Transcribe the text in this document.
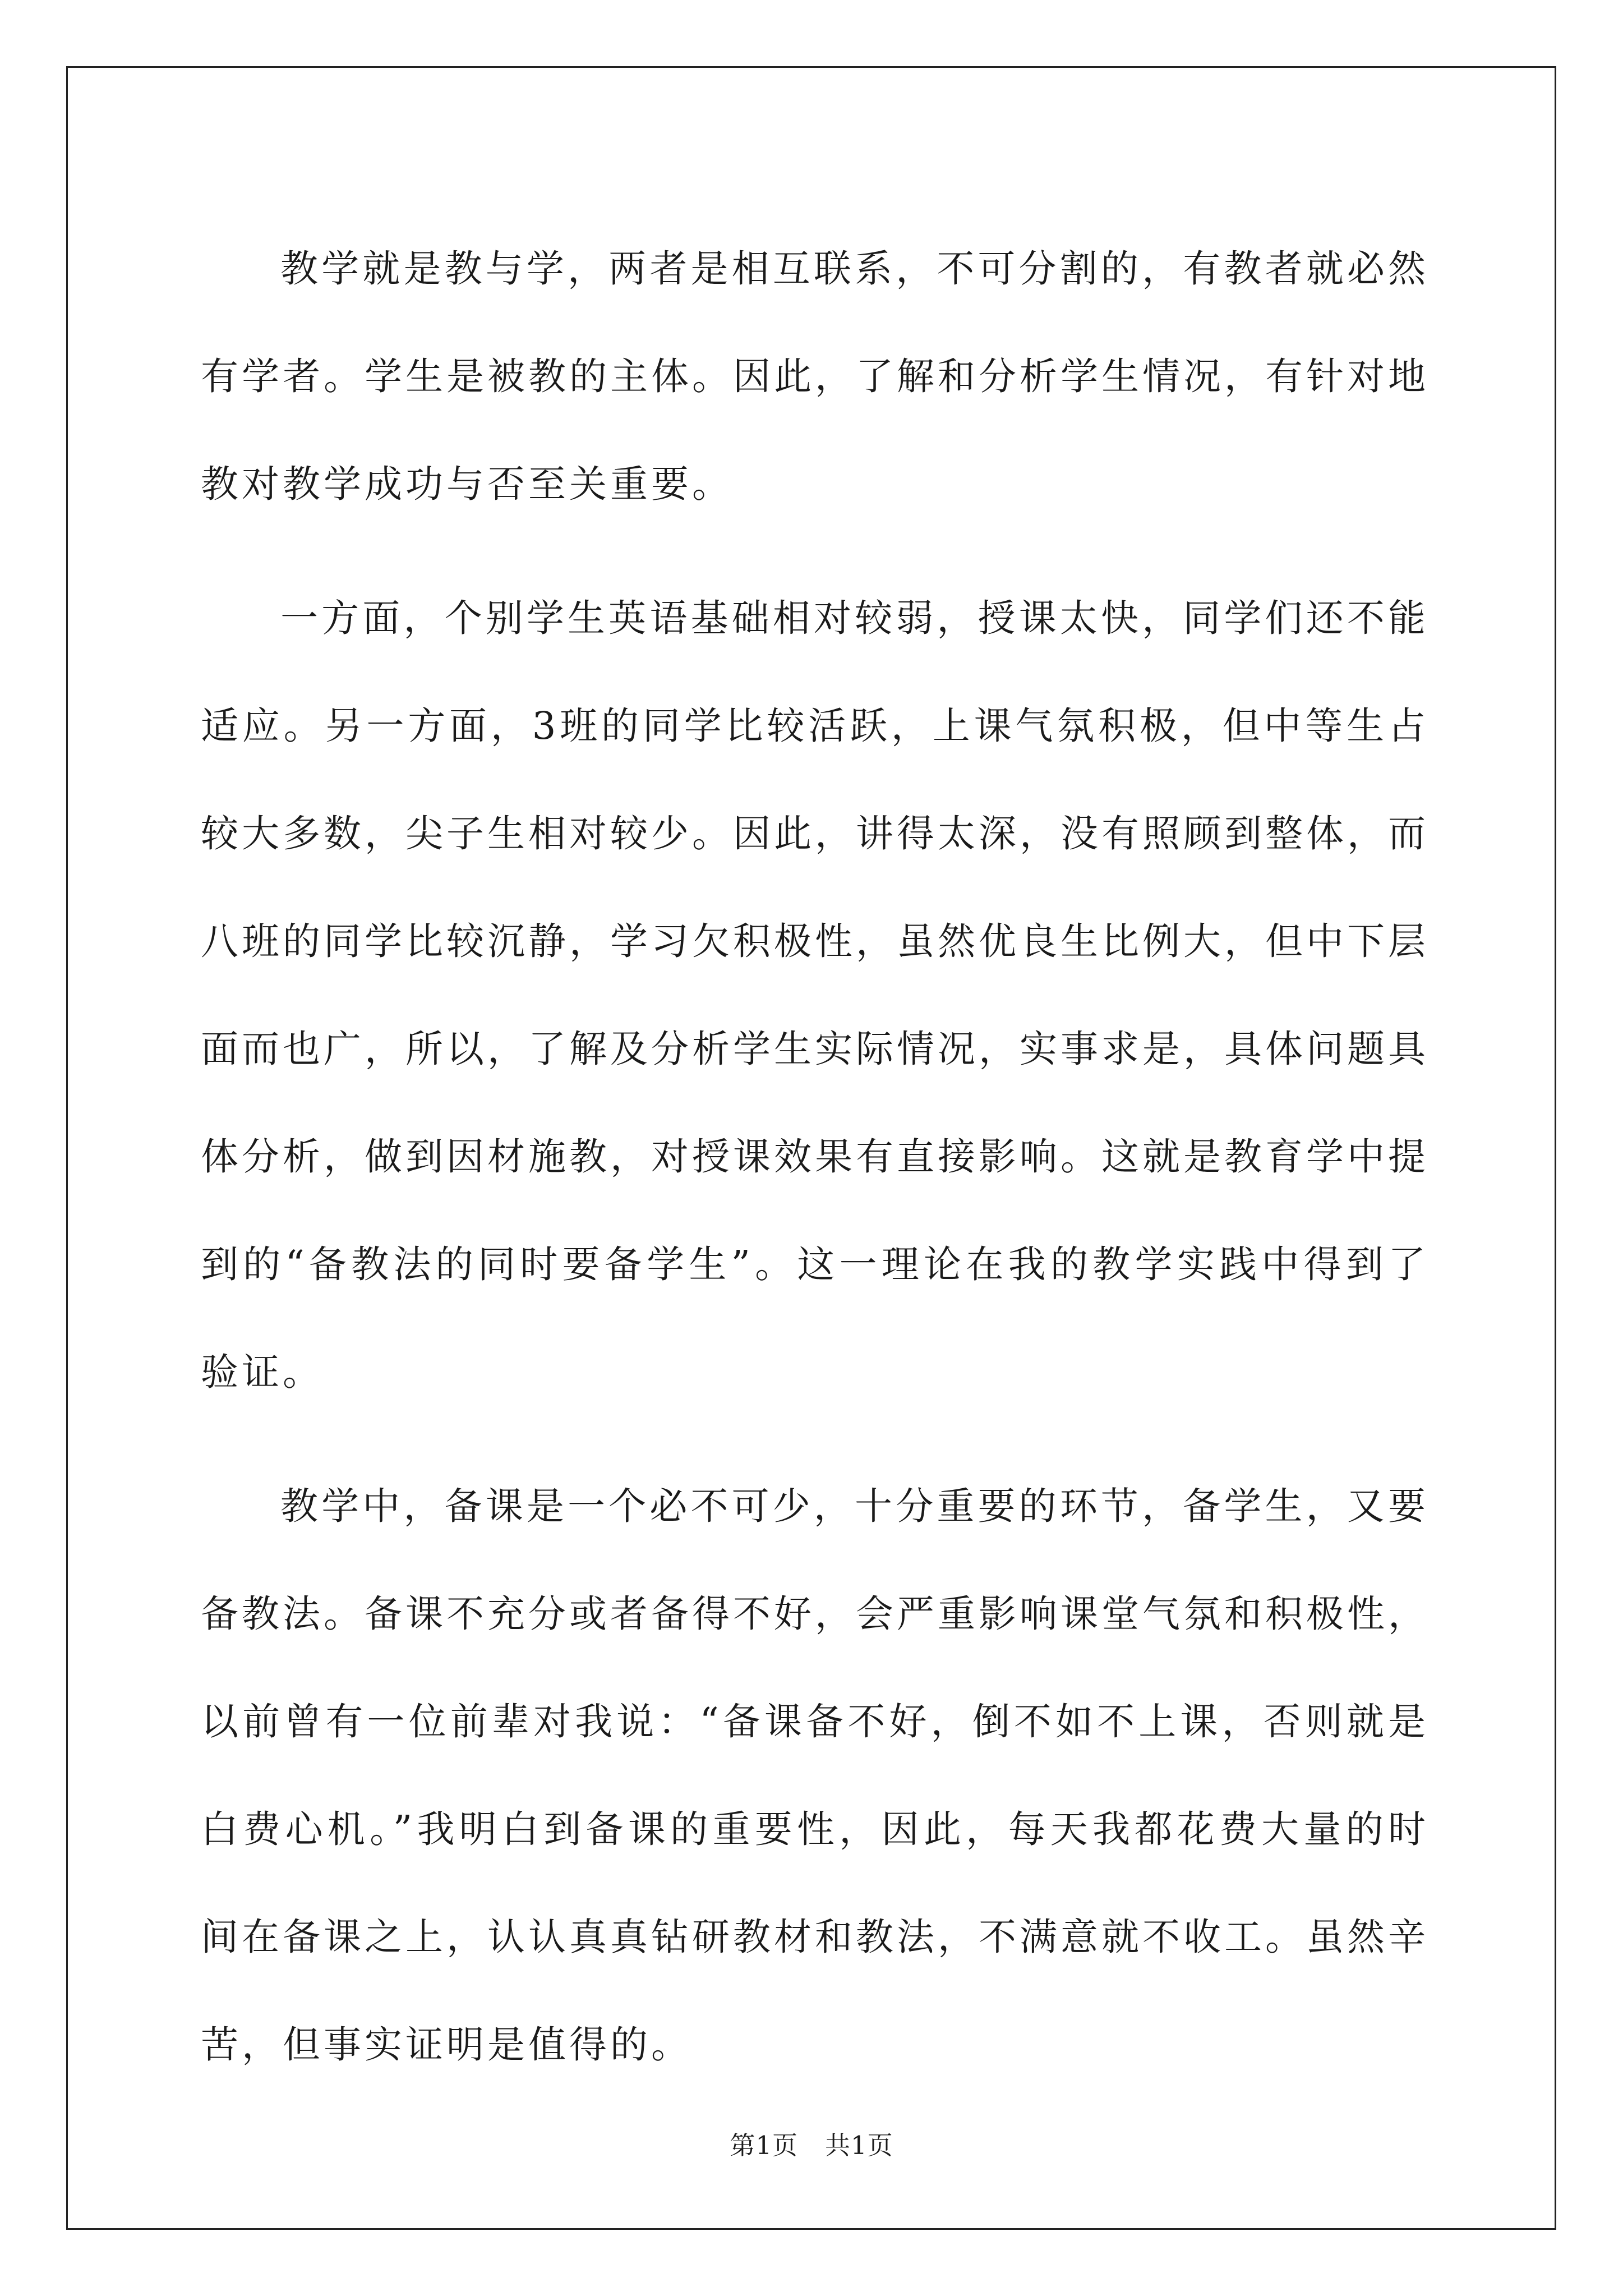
教学就是教与学，两者是相互联系，不可分割的，有教者就必然有学者。学生是被教的主体。因此，了解和分析学生情况，有针对地教对教学成功与否至关重要。

一方面，个别学生英语基础相对较弱，授课太快，同学们还不能适应。另一方面，3班的同学比较活跃，上课气氛积极，但中等生占较大多数，尖子生相对较少。因此，讲得太深，没有照顾到整体，而八班的同学比较沉静，学习欠积极性，虽然优良生比例大，但中下层面而也广，所以，了解及分析学生实际情况，实事求是，具体问题具体分析，做到因材施教，对授课效果有直接影响。这就是教育学中提到的“备教法的同时要备学生”。这一理论在我的教学实践中得到了验证。

教学中，备课是一个必不可少，十分重要的环节，备学生，又要备教法。备课不充分或者备得不好，会严重影响课堂气氛和积极性，以前曾有一位前辈对我说：“备课备不好，倒不如不上课，否则就是白费心机。”我明白到备课的重要性，因此，每天我都花费大量的时间在备课之上，认认真真钻研教材和教法，不满意就不收工。虽然辛苦，但事实证明是值得的。

第1页 共1页
